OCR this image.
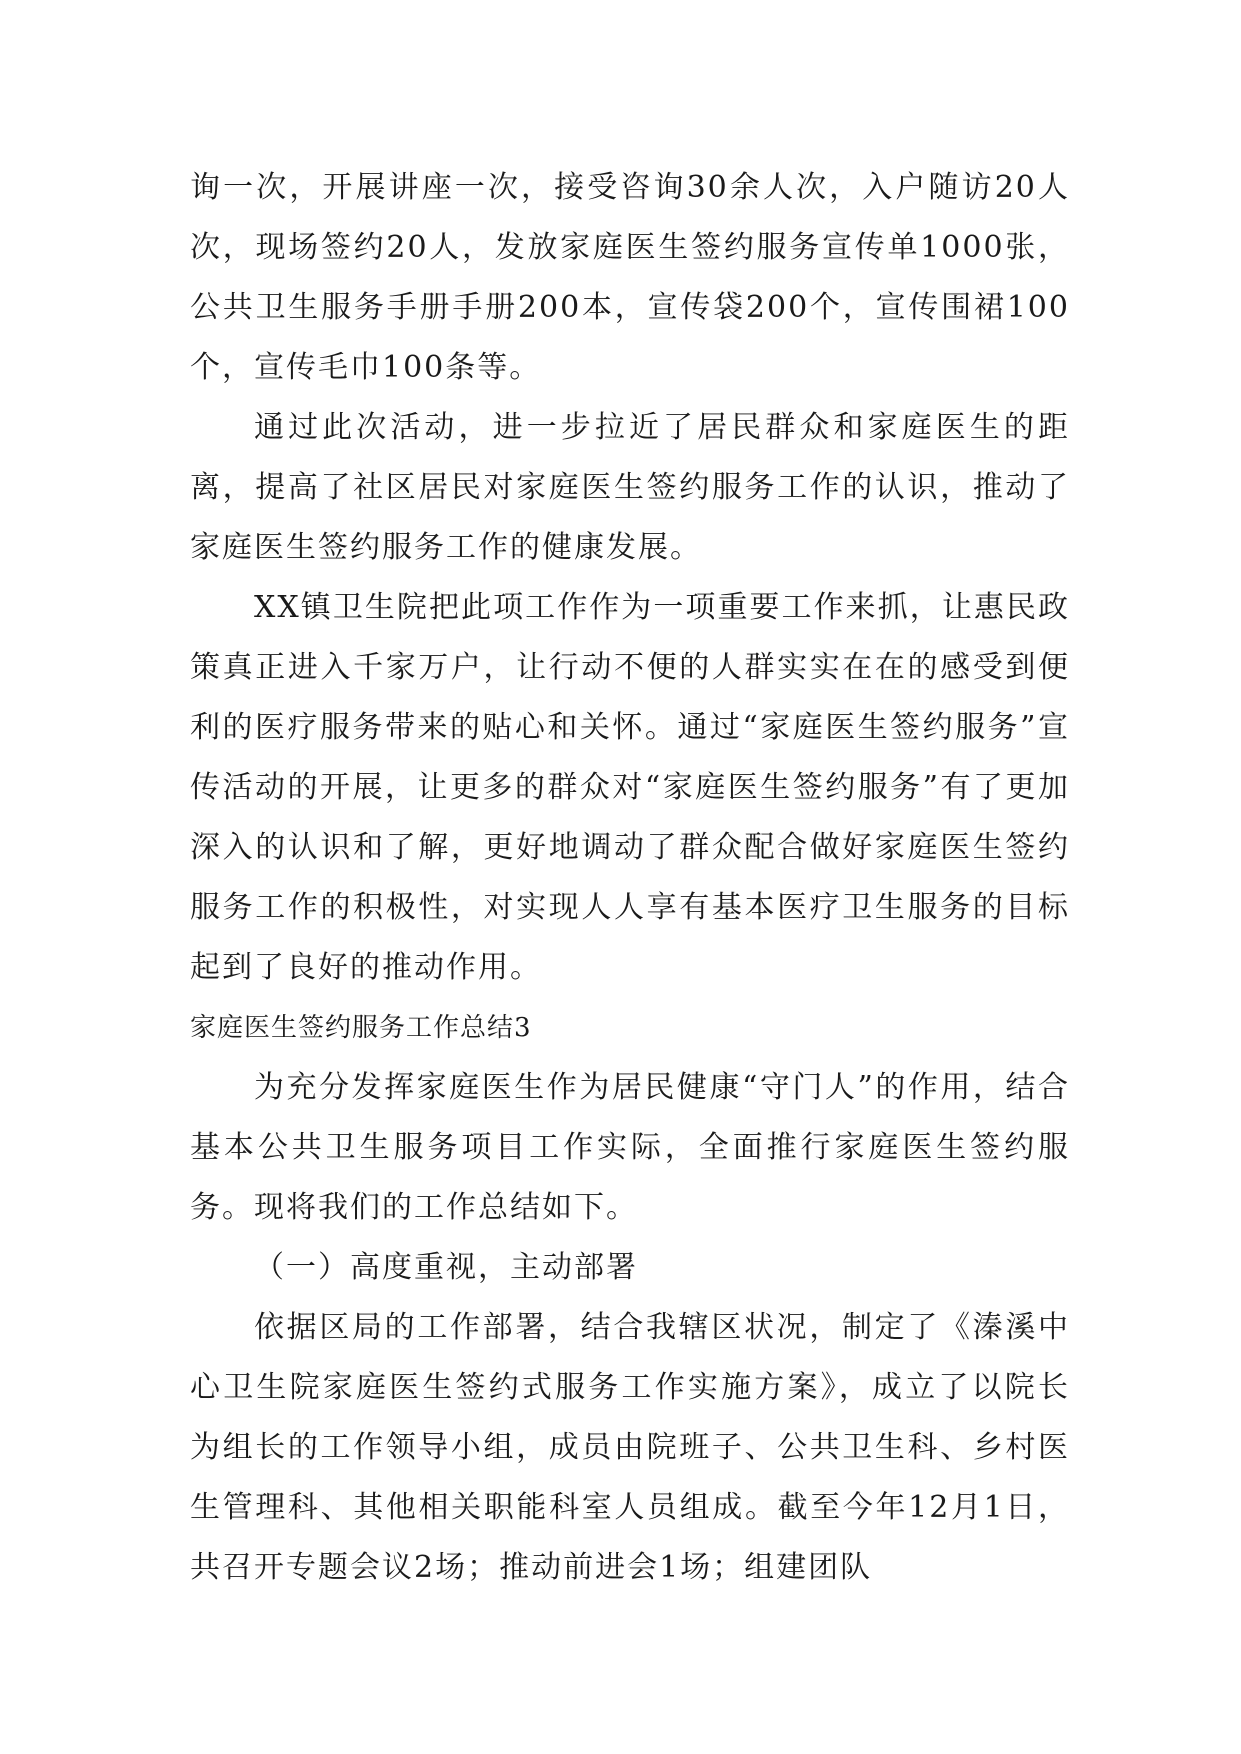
询一次，开展讲座一次，接受咨询30余人次，入户随访20人次，现场签约20人，发放家庭医生签约服务宣传单1000张，公共卫生服务手册手册200本，宣传袋200个，宣传围裙100个，宣传毛巾100条等。

通过此次活动，进一步拉近了居民群众和家庭医生的距离，提高了社区居民对家庭医生签约服务工作的认识，推动了家庭医生签约服务工作的健康发展。

XX镇卫生院把此项工作作为一项重要工作来抓，让惠民政策真正进入千家万户，让行动不便的人群实实在在的感受到便利的医疗服务带来的贴心和关怀。通过“家庭医生签约服务”宣传活动的开展，让更多的群众对“家庭医生签约服务”有了更加深入的认识和了解，更好地调动了群众配合做好家庭医生签约服务工作的积极性，对实现人人享有基本医疗卫生服务的目标起到了良好的推动作用。

家庭医生签约服务工作总结3

为充分发挥家庭医生作为居民健康“守门人”的作用，结合基本公共卫生服务项目工作实际，全面推行家庭医生签约服务。现将我们的工作总结如下。

（一）高度重视，主动部署

依据区局的工作部署，结合我辖区状况，制定了《溱溪中心卫生院家庭医生签约式服务工作实施方案》，成立了以院长为组长的工作领导小组，成员由院班子、公共卫生科、乡村医生管理科、其他相关职能科室人员组成。截至今年12月1日，共召开专题会议2场；推动前进会1场；组建团队
